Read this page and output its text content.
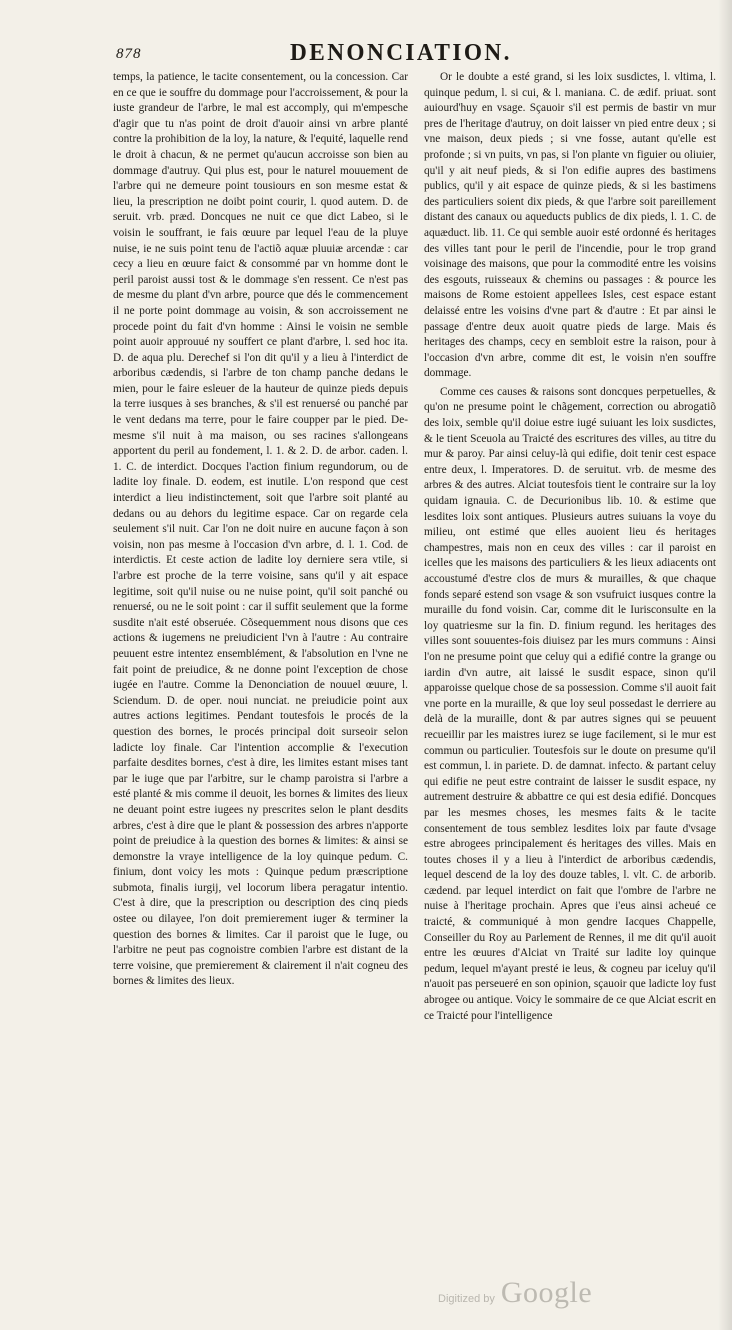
878	DENONCIATION.

temps, la patience, le tacite consentement, ou la concession. Car en ce que ie souffre du dommage pour l'accroissement, & pour la iuste grandeur de l'arbre, le mal est accomply, qui m'empesche d'agir que tu n'as point de droit d'auoir ainsi vn arbre planté contre la prohibition de la loy, la nature, & l'equité, laquelle rend le droit à chacun, & ne permet qu'aucun accroisse son bien au dommage d'autruy. Qui plus est, pour le naturel mouuement de l'arbre qui ne demeure point tousiours en son mesme estat & lieu, la prescription ne doibt point courir, l. quod autem. D. de seruit. vrb. præd. Doncques ne nuit ce que dict Labeo, si le voisin le souffrant, ie fais œuure par lequel l'eau de la pluye nuise, ie ne suis point tenu de l'actiõ aquæ pluuiæ arcendæ : car cecy a lieu en œuure faict & consommé par vn homme dont le peril paroist aussi tost & le dommage s'en ressent. Ce n'est pas de mesme du plant d'vn arbre, pource que dés le commencement il ne porte point dommage au voisin, & son accroissement ne procede point du fait d'vn homme : Ainsi le voisin ne semble point auoir approuué ny souffert ce plant d'arbre, l. sed hoc ita. D. de aqua plu. Derechef si l'on dit qu'il y a lieu à l'interdict de arboribus cædendis, si l'arbre de ton champ panche dedans le mien, pour le faire esleuer de la hauteur de quinze pieds depuis la terre iusques à ses branches, & s'il est renuersé ou panché par le vent dedans ma terre, pour le faire coupper par le pied. De-mesme s'il nuit à ma maison, ou ses racines s'allongeans apportent du peril au fondement, l. 1. & 2. D. de arbor. caden. l. 1. C. de interdict. Docques l'action finium regundorum, ou de ladite loy finale. D. eodem, est inutile. L'on respond que cest interdict a lieu indistinctement, soit que l'arbre soit planté au dedans ou au dehors du legitime espace. Car on regarde cela seulement s'il nuit. Car l'on ne doit nuire en aucune façon à son voisin, non pas mesme à l'occasion d'vn arbre, d. l. 1. Cod. de interdictis. Et ceste action de ladite loy derniere sera vtile, si l'arbre est proche de la terre voisine, sans qu'il y ait espace legitime, soit qu'il nuise ou ne nuise point, qu'il soit panché ou renuersé, ou ne le soit point : car il suffit seulement que la forme susdite n'ait esté obseruée. Cõsequemment nous disons que ces actions & iugemens ne preiudicient l'vn à l'autre : Au contraire peuuent estre intentez ensemblément, & l'absolution en l'vne ne fait point de preiudice, & ne donne point l'exception de chose iugée en l'autre. Comme la Denonciation de nouuel œuure, l. Sciendum. D. de oper. noui nunciat. ne preiudicie point aux autres actions legitimes. Pendant toutesfois le procés de la question des bornes, le procés principal doit surseoir selon ladicte loy finale. Car l'intention accomplie & l'execution parfaite desdites bornes, c'est à dire, les limites estant mises tant par le iuge que par l'arbitre, sur le champ paroistra si l'arbre a esté planté & mis comme il deuoit, les bornes & limites des lieux ne deuant point estre iugees ny prescrites selon le plant desdits arbres, c'est à dire que le plant & possession des arbres n'apporte point de preiudice à la question des bornes & limites: & ainsi se demonstre la vraye intelligence de la loy quinque pedum. C. finium, dont voicy les mots : Quinque pedum præscriptione submota, finalis iurgij, vel locorum libera peragatur intentio. C'est à dire, que la prescription ou description des cinq pieds ostee ou dilayee, l'on doit premierement iuger & terminer la question des bornes & limites. Car il paroist que le Iuge, ou l'arbitre ne peut pas cognoistre combien l'arbre est distant de la terre voisine, que premierement & clairement il n'ait cogneu des bornes & limites des lieux.

Or le doubte a esté grand, si les loix susdictes, l. vltima, l. quinque pedum, l. si cui, & l. maniana. C. de ædif. priuat. sont auiourd'huy en vsage. Sçauoir s'il est permis de bastir vn mur pres de l'heritage d'autruy, on doit laisser vn pied entre deux ; si vne maison, deux pieds ; si vne fosse, autant qu'elle est profonde ; si vn puits, vn pas, si l'on plante vn figuier ou oliuier, qu'il y ait neuf pieds, & si l'on edifie aupres des bastimens publics, qu'il y ait espace de quinze pieds, & si les bastimens des particuliers soient dix pieds, & que l'arbre soit pareillement distant des canaux ou aqueducts publics de dix pieds, l. 1. C. de aquæduct. lib. 11. Ce qui semble auoir esté ordonné és heritages des villes tant pour le peril de l'incendie, pour le trop grand voisinage des maisons, que pour la commodité entre les voisins des esgouts, ruisseaux & chemins ou passages : & pource les maisons de Rome estoient appellees Isles, cest espace estant delaissé entre les voisins d'vne part & d'autre : Et par ainsi le passage d'entre deux auoit quatre pieds de large. Mais és heritages des champs, cecy en sembloit estre la raison, pour à l'occasion d'vn arbre, comme dit est, le voisin n'en souffre dommage.

Comme ces causes & raisons sont doncques perpetuelles, & qu'on ne presume point le chãgement, correction ou abrogatiõ des loix, semble qu'il doiue estre iugé suiuant les loix susdictes, & le tient Sceuola au Traicté des escritures des villes, au titre du mur & paroy. Par ainsi celuy-là qui edifie, doit tenir cest espace entre deux, l. Imperatores. D. de seruitut. vrb. de mesme des arbres & des autres. Alciat toutesfois tient le contraire sur la loy quidam ignauia. C. de Decurionibus lib. 10. & estime que lesdites loix sont antiques. Plusieurs autres suiuans la voye du milieu, ont estimé que elles auoient lieu és heritages champestres, mais non en ceux des villes : car il paroist en icelles que les maisons des particuliers & les lieux adiacents ont accoustumé d'estre clos de murs & murailles, & que chaque fonds separé estend son vsage & son vsufruict iusques contre la muraille du fond voisin. Car, comme dit le Iurisconsulte en la loy quatriesme sur la fin. D. finium regund. les heritages des villes sont souuentes-fois diuisez par les murs communs : Ainsi l'on ne presume point que celuy qui a edifié contre la grange ou iardin d'vn autre, ait laissé le susdit espace, sinon qu'il apparoisse quelque chose de sa possession. Comme s'il auoit fait vne porte en la muraille, & que loy seul possedast le derriere au delà de la muraille, dont & par autres signes qui se peuuent recueillir par les maistres iurez se iuge facilement, si le mur est commun ou particulier. Toutesfois sur le doute on presume qu'il est commun, l. in pariete. D. de damnat. infecto. & partant celuy qui edifie ne peut estre contraint de laisser le susdit espace, ny autrement destruire & abbattre ce qui est desia edifié. Doncques par les mesmes choses, les mesmes faits & le tacite consentement de tous semblez lesdites loix par faute d'vsage estre abrogees principalement és heritages des villes. Mais en toutes choses il y a lieu à l'interdict de arboribus cædendis, lequel descend de la loy des douze tables, l. vlt. C. de arborib. cædend. par lequel interdict on fait que l'ombre de l'arbre ne nuise à l'heritage prochain. Apres que i'eus ainsi acheué ce traicté, & communiqué à mon gendre Iacques Chappelle, Conseiller du Roy au Parlement de Rennes, il me dit qu'il auoit entre les œuures d'Alciat vn Traité sur ladite loy quinque pedum, lequel m'ayant presté ie leus, & cogneu par iceluy qu'il n'auoit pas perseueré en son opinion, sçauoir que ladicte loy fust abrogee ou antique. Voicy le sommaire de ce que Alciat escrit en ce Traicté pour l'intelligence

Digitized by Google
